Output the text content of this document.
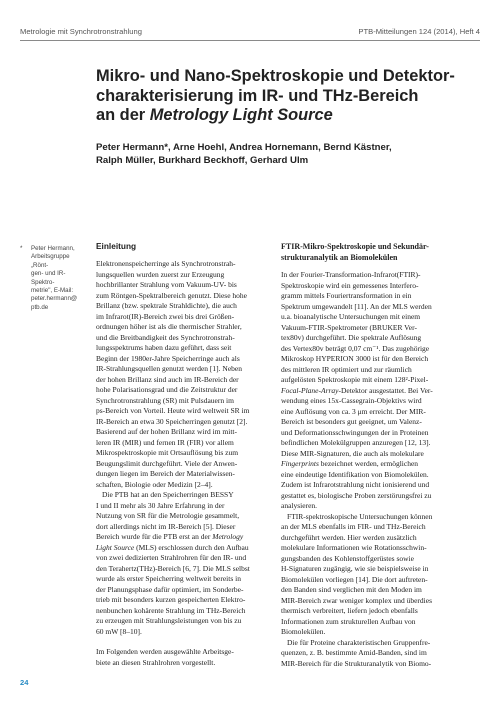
Metrologie mit Synchrotronstrahlung	PTB-Mitteilungen 124 (2014), Heft 4
Mikro- und Nano-Spektroskopie und Detektor-
charakterisierung im IR- und THz-Bereich
an der Metrology Light Source

Peter Hermann*, Arne Hoehl, Andrea Hornemann, Bernd Kästner,
Ralph Müller, Burkhard Beckhoff, Gerhard Ulm

* Peter Hermann,
Arbeitsgruppe „Rönt-
gen- und IR-Spektro-
metrie", E-Mail:
peter.hermann@
ptb.de
Einleitung

Elektronenspeicherringe als Synchrotronstrah-
lungsquellen wurden zuerst zur Erzeugung
hochbrillanter Strahlung vom Vakuum-UV- bis
zum Röntgen-Spektralbereich genutzt. Diese hohe
Brillanz (bzw. spektrale Strahldichte), die auch
im Infrarot(IR)-Bereich zwei bis drei Größen-
ordnungen höher ist als die thermischer Strahler,
und die Breitbandigkeit des Synchrotronstrah-
lungsspektrums haben dazu geführt, dass seit
Beginn der 1980er-Jahre Speicherringe auch als
IR-Strahlungsquellen genutzt werden [1]. Neben
der hohen Brillanz sind auch im IR-Bereich der
hohe Polarisationsgrad und die Zeitstruktur der
Synchrotronstrahlung (SR) mit Pulsdauern im
ps-Bereich von Vorteil. Heute wird weltweit SR im
IR-Bereich an etwa 30 Speicherringen genutzt [2].
Basierend auf der hohen Brillanz wird im mitt-
leren IR (MIR) und fernen IR (FIR) vor allem
Mikrospektroskopie mit Ortsauflösung bis zum
Beugungslimit durchgeführt. Viele der Anwen-
dungen liegen im Bereich der Materialwissen-
schaften, Biologie oder Medizin [2–4].

Die PTB hat an den Speicherringen BESSY
I und II mehr als 30 Jahre Erfahrung in der
Nutzung von SR für die Metrologie gesammelt,
dort allerdings nicht im IR-Bereich [5]. Dieser
Bereich wurde für die PTB erst an der Metrology
Light Source (MLS) erschlossen durch den Aufbau
von zwei dedizierten Strahlrohren für den IR- und
den Terahertz(THz)-Bereich [6, 7]. Die MLS selbst
wurde als erster Speicherring weltweit bereits in
der Planungsphase dafür optimiert, im Sonderbe-
trieb mit besonders kurzen gespeicherten Elektro-
nenbunchen kohärente Strahlung im THz-Bereich
zu erzeugen mit Strahlungsleistungen von bis zu
60 mW [8–10].

Im Folgenden werden ausgewählte Arbeitsge-
biete an diesen Strahlrohren vorgestellt.

FTIR-Mikro-Spektroskopie und Sekundär-
strukturanalytik an Biomolekülen

In der Fourier-Transformation-Infrarot(FTIR)-
Spektroskopie wird ein gemessenes Interfero-
gramm mittels Fouriertransformation in ein
Spektrum umgewandelt [11]. An der MLS werden
u.a. bioanalytische Untersuchungen mit einem
Vakuum-FTIR-Spektrometer (BRUKER Ver-
tex80v) durchgeführt. Die spektrale Auflösung
des Vertex80v beträgt 0,07 cm⁻¹. Das zugehörige
Mikroskop HYPERION 3000 ist für den Bereich
des mittleren IR optimiert und zur räumlich
aufgelösten Spektroskopie mit einem 128²-Pixel-
Focal-Plane-Array-Detektor ausgestattet. Bei Ver-
wendung eines 15x-Cassegrain-Objektivs wird
eine Auflösung von ca. 3 μm erreicht. Der MIR-
Bereich ist besonders gut geeignet, um Valenz-
und Deformationsschwingungen der in Proteinen
befindlichen Molekülgruppen anzuregen [12, 13].
Diese MIR-Signaturen, die auch als molekulare
Fingerprints bezeichnet werden, ermöglichen
eine eindeutige Identifikation von Biomolekülen.
Zudem ist Infrarotstrahlung nicht ionisierend und
gestattet es, biologische Proben zerstörungsfrei zu
analysieren.

FTIR-spektroskopische Untersuchungen können
an der MLS ebenfalls im FIR- und THz-Bereich
durchgeführt werden. Hier werden zusätzlich
molekulare Informationen wie Rotationsschwin-
gungsbanden des Kohlenstoffgerüstes sowie
H-Signaturen zugängig, wie sie beispielsweise in
Biomolekülen vorliegen [14]. Die dort auftreten-
den Banden sind verglichen mit den Moden im
MIR-Bereich zwar weniger komplex und überdies
thermisch verbreitert, liefern jedoch ebenfalls
Informationen zum strukturellen Aufbau von
Biomolekülen.

Die für Proteine charakteristischen Gruppenfre-
quenzen, z. B. bestimmte Amid-Banden, sind im
MIR-Bereich für die Strukturanalytik von Biomo-

24
